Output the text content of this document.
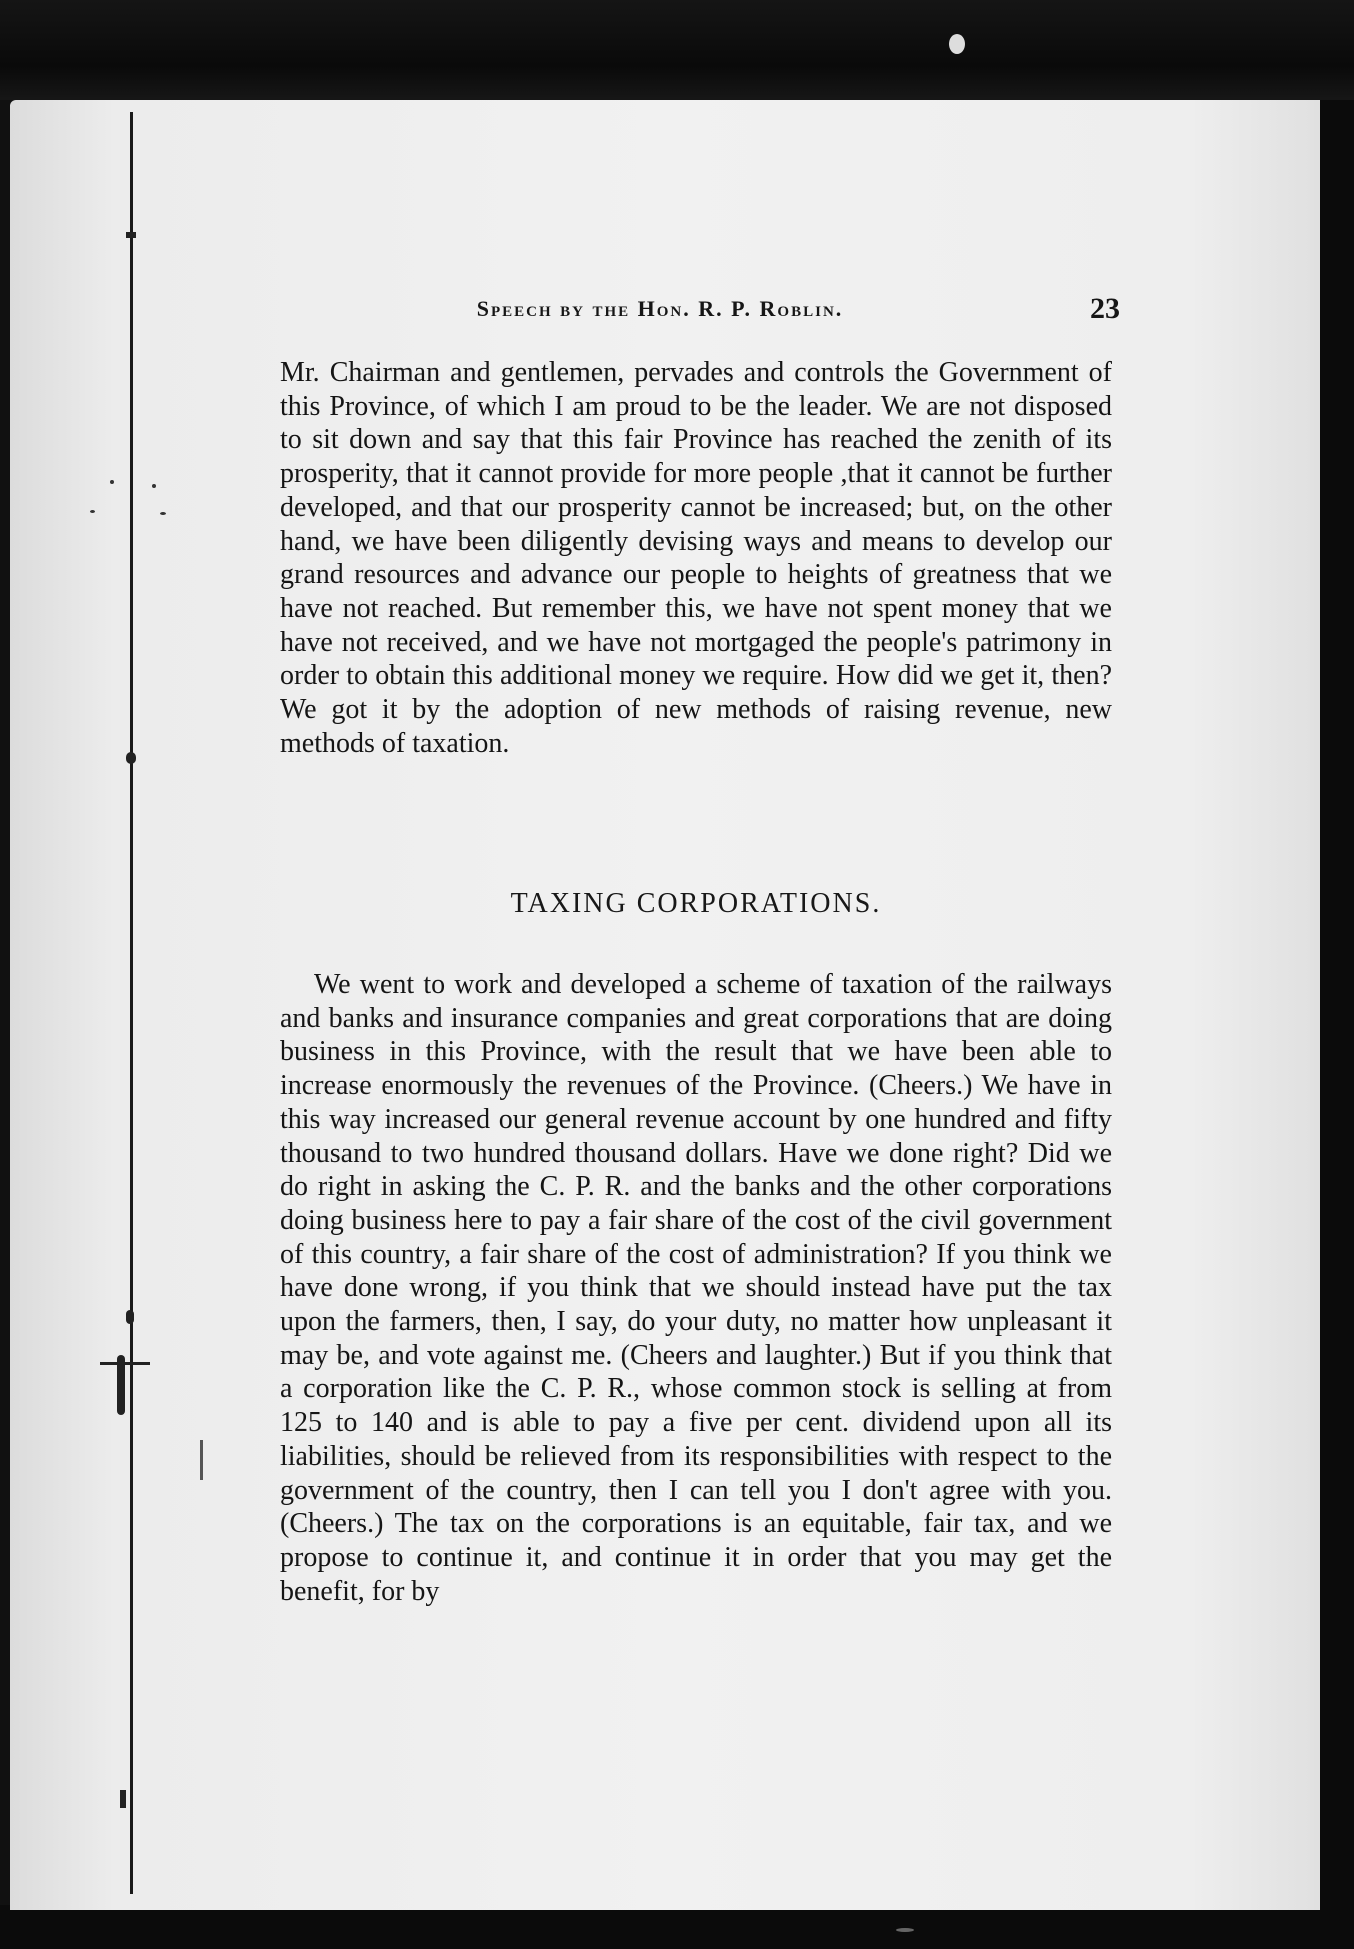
Speech by the Hon. R. P. Roblin.	23
Mr. Chairman and gentlemen, pervades and controls the Government of this Province, of which I am proud to be the leader. We are not disposed to sit down and say that this fair Province has reached the zenith of its prosperity, that it cannot provide for more people ,that it cannot be further developed, and that our prosperity cannot be increased; but, on the other hand, we have been diligently devising ways and means to develop our grand resources and advance our people to heights of greatness that we have not reached. But remember this, we have not spent money that we have not received, and we have not mortgaged the people's patrimony in order to obtain this additional money we require. How did we get it, then? We got it by the adoption of new methods of raising revenue, new methods of taxation.
TAXING CORPORATIONS.
We went to work and developed a scheme of taxation of the railways and banks and insurance companies and great corporations that are doing business in this Province, with the result that we have been able to increase enormously the revenues of the Province. (Cheers.) We have in this way increased our general revenue account by one hundred and fifty thousand to two hundred thousand dollars. Have we done right? Did we do right in asking the C. P. R. and the banks and the other corporations doing business here to pay a fair share of the cost of the civil government of this country, a fair share of the cost of administration? If you think we have done wrong, if you think that we should instead have put the tax upon the farmers, then, I say, do your duty, no matter how unpleasant it may be, and vote against me. (Cheers and laughter.) But if you think that a corporation like the C. P. R., whose common stock is selling at from 125 to 140 and is able to pay a five per cent. dividend upon all its liabilities, should be relieved from its responsibilities with respect to the government of the country, then I can tell you I don't agree with you. (Cheers.) The tax on the corporations is an equitable, fair tax, and we propose to continue it, and continue it in order that you may get the benefit, for by
